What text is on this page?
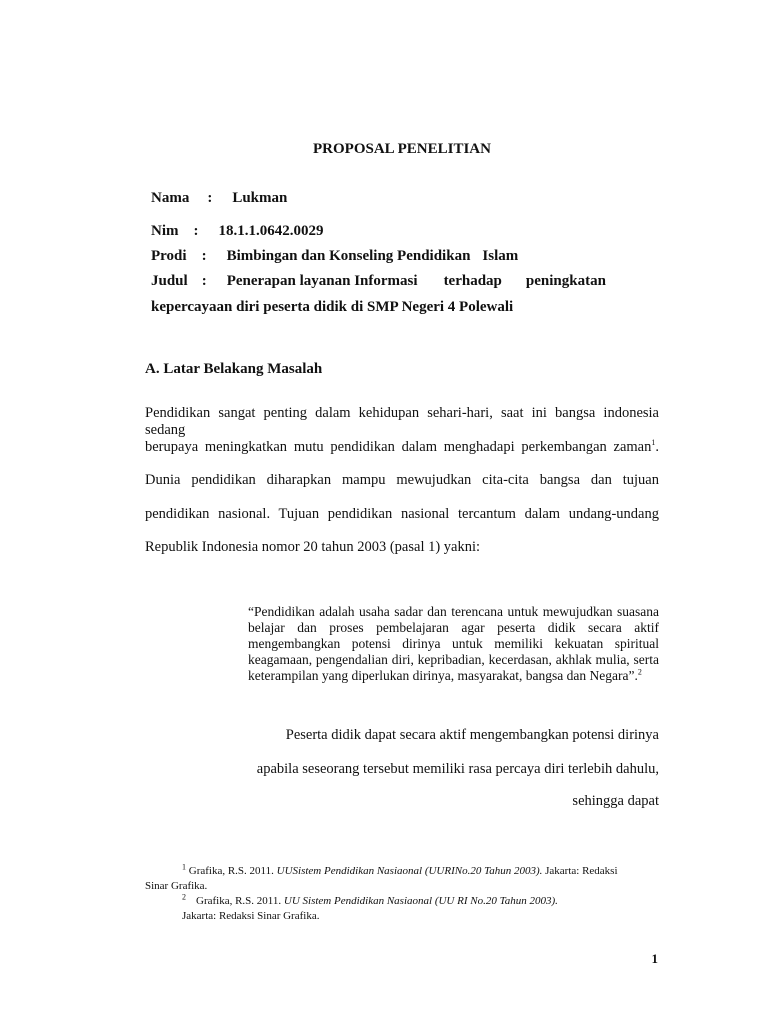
PROPOSAL PENELITIAN
Nama : Lukman
Nim : 18.1.1.0642.0029
Prodi : Bimbingan dan Konseling Pendidikan Islam
Judul : Penerapan layanan Informasi terhadap peningkatan
kepercayaan diri peserta didik di SMP Negeri 4 Polewali
A. Latar Belakang Masalah
Pendidikan sangat penting dalam kehidupan sehari-hari, saat ini bangsa indonesia sedang
berupaya meningkatkan mutu pendidikan dalam menghadapi perkembangan zaman$^1$.
Dunia pendidikan diharapkan mampu mewujudkan cita-cita bangsa dan tujuan
pendidikan nasional. Tujuan pendidikan nasional tercantum dalam undang-undang
Republik Indonesia nomor 20 tahun 2003 (pasal 1) yakni:
“Pendidikan adalah usaha sadar dan terencana untuk mewujudkan suasana belajar dan proses pembelajaran agar peserta didik secara aktif mengembangkan potensi dirinya untuk memiliki kekuatan spiritual keagamaan, pengendalian diri, kepribadian, kecerdasan, akhlak mulia, serta keterampilan yang diperlukan dirinya, masyarakat, bangsa dan Negara”.$^2$
Peserta didik dapat secara aktif mengembangkan potensi dirinya
apabila seseorang tersebut memiliki rasa percaya diri terlebih dahulu,
sehingga dapat
$^1$ Grafika, R.S. 2011. UUSistem Pendidikan Nasiaonal (UURINo.20 Tahun 2003). Jakarta: Redaksi
Sinar Grafika.
$^2$ Grafika, R.S. 2011. UU Sistem Pendidikan Nasiaonal (UU RI No.20 Tahun 2003).
Jakarta: Redaksi Sinar Grafika.
1
